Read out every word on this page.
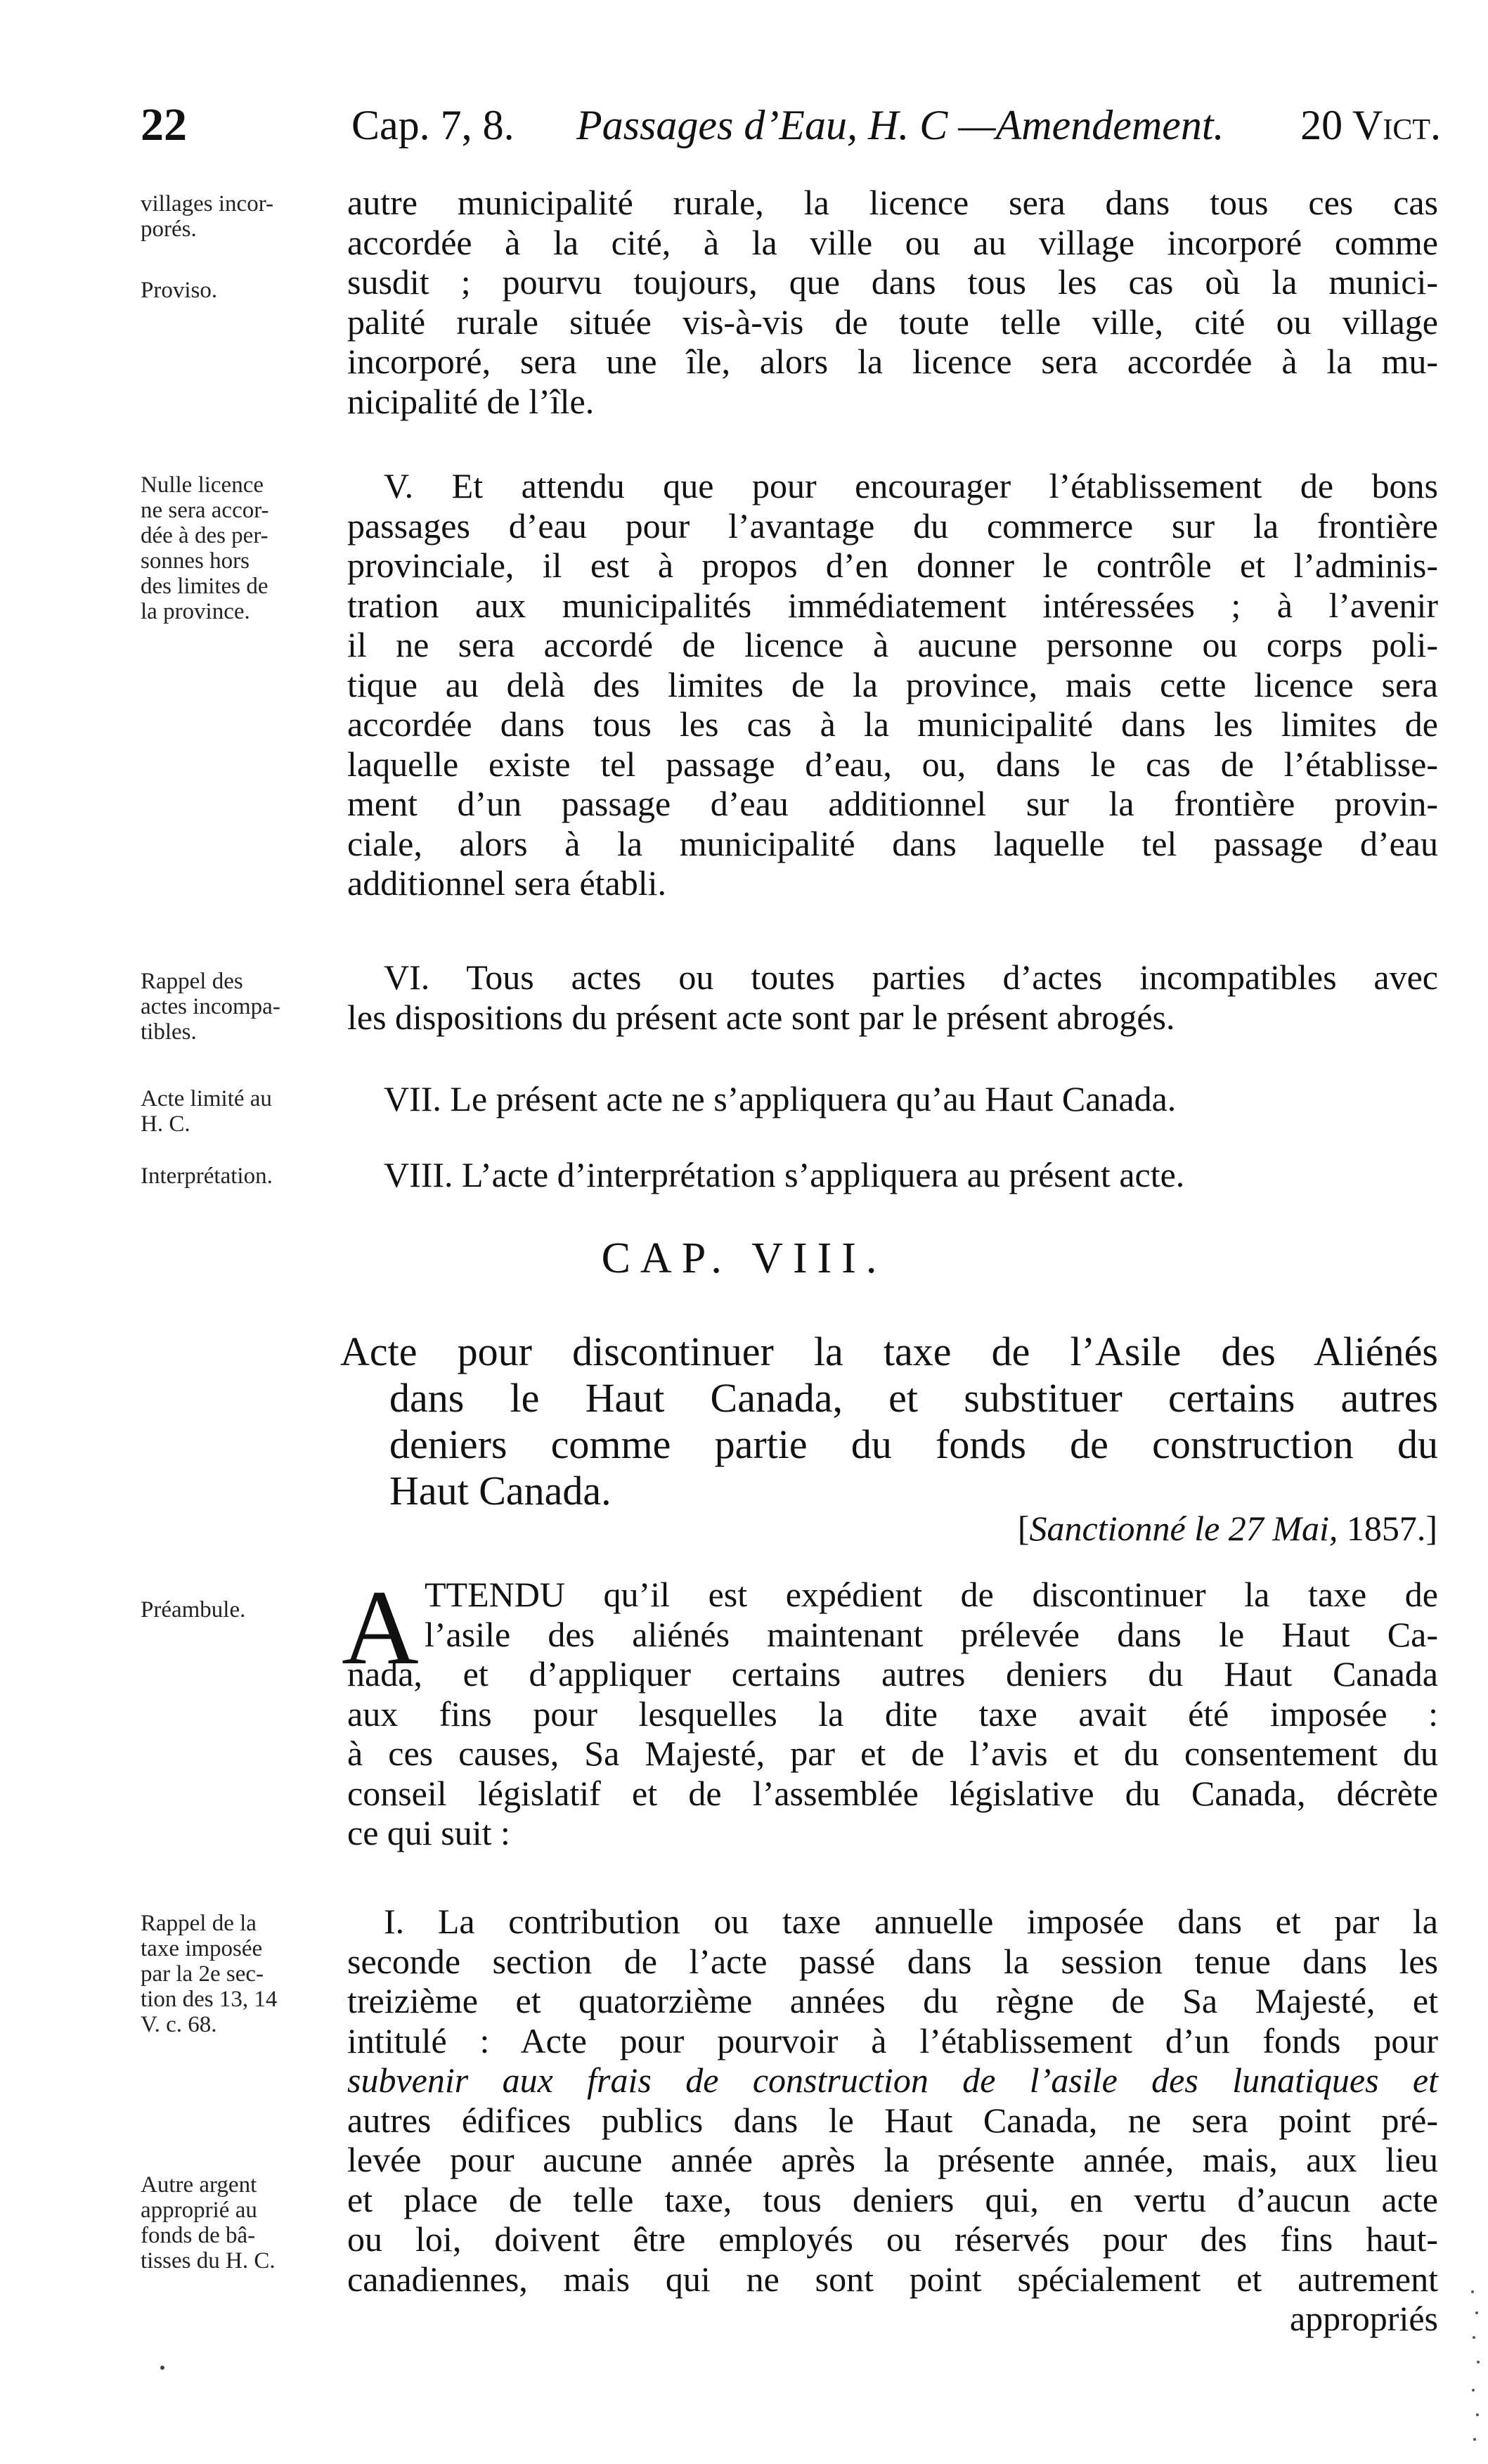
22	Cap. 7, 8. Passages d’Eau, H. C —Amendement. 20 Vict.
villages incor-
porés.
Proviso.
autre municipalité rurale, la licence sera dans tous ces cas
accordée à la cité, à la ville ou au village incorporé comme
susdit ; pourvu toujours, que dans tous les cas où la munici-
palité rurale située vis-à-vis de toute telle ville, cité ou village
incorporé, sera une île, alors la licence sera accordée à la mu-
nicipalité de l’île.
Nulle licence
ne sera accor-
dée à des per-
sonnes hors
des limites de
la province.
V. Et attendu que pour encourager l’établissement de bons
passages d’eau pour l’avantage du commerce sur la frontière
provinciale, il est à propos d’en donner le contrôle et l’adminis-
tration aux municipalités immédiatement intéressées ; à l’avenir
il ne sera accordé de licence à aucune personne ou corps poli-
tique au delà des limites de la province, mais cette licence sera
accordée dans tous les cas à la municipalité dans les limites de
laquelle existe tel passage d’eau, ou, dans le cas de l’établisse-
ment d’un passage d’eau additionnel sur la frontière provin-
ciale, alors à la municipalité dans laquelle tel passage d’eau
additionnel sera établi.
Rappel des
actes incompa-
tibles.
VI. Tous actes ou toutes parties d’actes incompatibles avec
les dispositions du présent acte sont par le présent abrogés.
Acte limité au
H. C.
VII. Le présent acte ne s’appliquera qu’au Haut Canada.
Interprétation.	VIII. L’acte d’interprétation s’appliquera au présent acte.
CAP. VIII.
Acte pour discontinuer la taxe de l’Asile des Aliénés
dans le Haut Canada, et substituer certains autres
deniers comme partie du fonds de construction du
Haut Canada.
[Sanctionné le 27 Mai, 1857.]
Préambule. A TTENDU qu’il est expédient de discontinuer la taxe de
l’asile des aliénés maintenant prélevée dans le Haut Ca-
nada, et d’appliquer certains autres deniers du Haut Canada
aux fins pour lesquelles la dite taxe avait été imposée :
à ces causes, Sa Majesté, par et de l’avis et du consentement du
conseil législatif et de l’assemblée législative du Canada, décrète
ce qui suit :
Rappel de la
taxe imposée
par la 2e sec-
tion des 13, 14
V. c. 68.
Autre argent
approprié au
fonds de bâ-
tisses du H. C.
I. La contribution ou taxe annuelle imposée dans et par la
seconde section de l’acte passé dans la session tenue dans les
treizième et quatorzième années du règne de Sa Majesté, et
intitulé : Acte pour pourvoir à l’établissement d’un fonds pour
subvenir aux frais de construction de l’asile des lunatiques et
autres édifices publics dans le Haut Canada, ne sera point pré-
levée pour aucune année après la présente année, mais, aux lieu
et place de telle taxe, tous deniers qui, en vertu d’aucun acte
ou loi, doivent être employés ou réservés pour des fins haut-
canadiennes, mais qui ne sont point spécialement et autrement
appropriés
